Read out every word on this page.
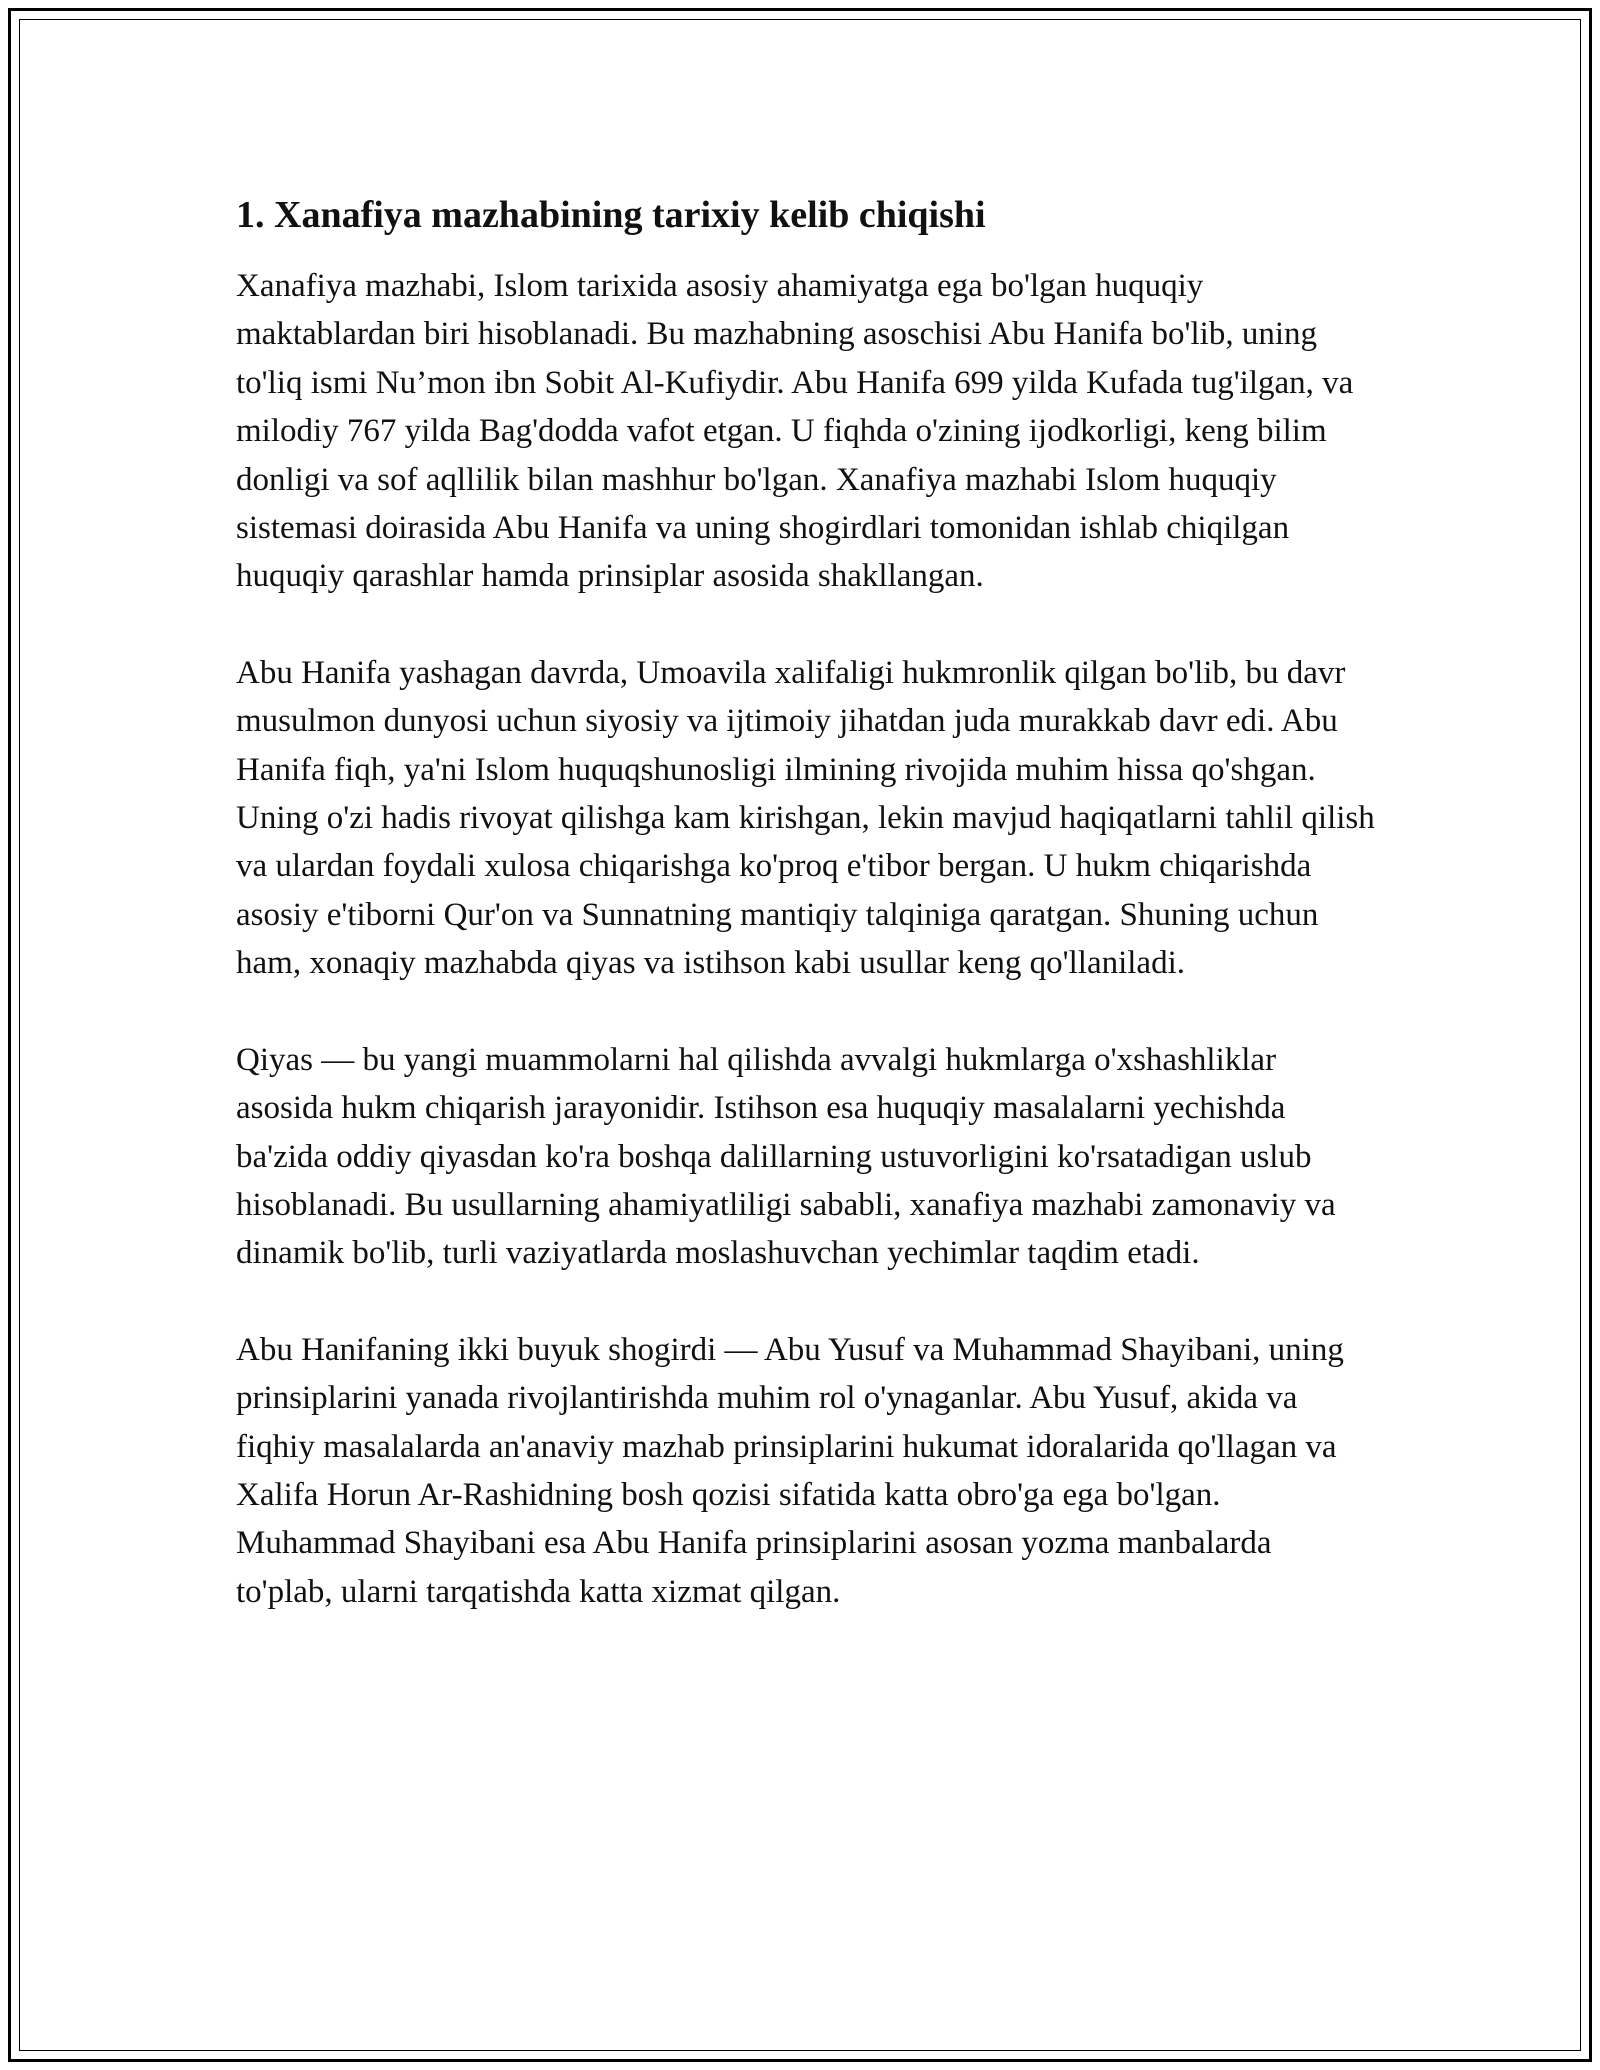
1. Xanafiya mazhabining tarixiy kelib chiqishi

Xanafiya mazhabi, Islom tarixida asosiy ahamiyatga ega bo'lgan huquqiy maktablardan biri hisoblanadi. Bu mazhabning asoschisi Abu Hanifa bo'lib, uning to'liq ismi Nu’mon ibn Sobit Al-Kufiydir. Abu Hanifa 699 yilda Kufada tug'ilgan, va milodiy 767 yilda Bag'dodda vafot etgan. U fiqhda o'zining ijodkorligi, keng bilim donligi va sof aqllilik bilan mashhur bo'lgan. Xanafiya mazhabi Islom huquqiy sistemasi doirasida Abu Hanifa va uning shogirdlari tomonidan ishlab chiqilgan huquqiy qarashlar hamda prinsiplar asosida shakllangan.

Abu Hanifa yashagan davrda, Umoavila xalifaligi hukmronlik qilgan bo'lib, bu davr musulmon dunyosi uchun siyosiy va ijtimoiy jihatdan juda murakkab davr edi. Abu Hanifa fiqh, ya'ni Islom huquqshunosligi ilmining rivojida muhim hissa qo'shgan. Uning o'zi hadis rivoyat qilishga kam kirishgan, lekin mavjud haqiqatlarni tahlil qilish va ulardan foydali xulosa chiqarishga ko'proq e'tibor bergan. U hukm chiqarishda asosiy e'tiborni Qur'on va Sunnatning mantiqiy talqiniga qaratgan. Shuning uchun ham, xonaqiy mazhabda qiyas va istihson kabi usullar keng qo'llaniladi.

Qiyas — bu yangi muammolarni hal qilishda avvalgi hukmlarga o'xshashliklar asosida hukm chiqarish jarayonidir. Istihson esa huquqiy masalalarni yechishda ba'zida oddiy qiyasdan ko'ra boshqa dalillarning ustuvorligini ko'rsatadigan uslub hisoblanadi. Bu usullarning ahamiyatliligi sababli, xanafiya mazhabi zamonaviy va dinamik bo'lib, turli vaziyatlarda moslashuvchan yechimlar taqdim etadi.

Abu Hanifaning ikki buyuk shogirdi — Abu Yusuf va Muhammad Shayibani, uning prinsiplarini yanada rivojlantirishda muhim rol o'ynaganlar. Abu Yusuf, akida va fiqhiy masalalarda an'anaviy mazhab prinsiplarini hukumat idoralarida qo'llagan va Xalifa Horun Ar-Rashidning bosh qozisi sifatida katta obro'ga ega bo'lgan. Muhammad Shayibani esa Abu Hanifa prinsiplarini asosan yozma manbalarda to'plab, ularni tarqatishda katta xizmat qilgan.
